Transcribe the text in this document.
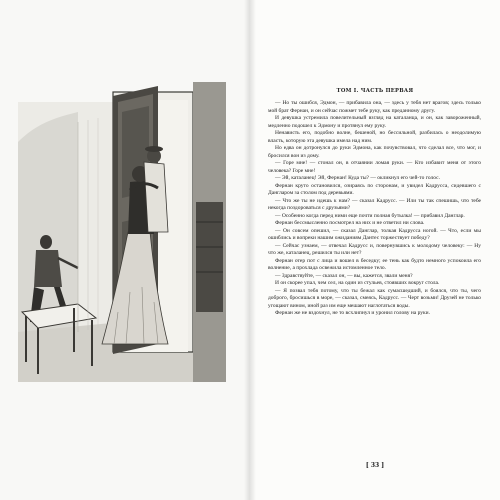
ТОМ I. ЧАСТЬ ПЕРВАЯ
[ 33 ]

— Но ты ошибся, Эдмон, — прибавила она, — здесь у тебя нет врагов; здесь только мой брат Фернан, и он сейчас пожмет тебе руку, как преданному другу.

И девушка устремила повелительный взгляд на каталанца, и он, как завороженный, медленно подошел к Эдмону и протянул ему руку.

Ненависть его, подобно волне, бешеной, но бессильной, разбилась о неодолимую власть, которую эта девушка имела над ним.

Но едва он дотронулся до руки Эдмона, как почувствовал, что сделал все, что мог, и бросился вон из дому.

— Горе мне! — стонал он, в отчаянии ломая руки. — Кто избавит меня от этого человека? Горе мне!

— Эй, каталанец! Эй, Фернан! Куда ты? — окликнул его чей-то голос.

Фернан круто остановился, озираясь по сторонам, и увидел Кадрусса, сидевшего с Дангларом за столом под деревьями.

— Что же ты не идешь к нам? — сказал Кадрусс. — Или ты так спешишь, что тебе некогда поздороваться с друзьями?

— Особенно когда перед ними еще почти полная бутылка! — прибавил Данглар.

Фернан бессмысленно посмотрел на них и не ответил ни слова.

— Он совсем опешил, — сказал Данглар, толкая Кадрусса ногой. — Что, если мы ошиблись и вопреки нашим ожиданиям Дантес торжествует победу?

— Сейчас узнаем, — отвечал Кадрусс и, повернувшись к молодому человеку: — Ну что же, каталанец, решился ты или нет?

Фернан отер пот с лица и вошел в беседку; ее тень как будто немного успокоила его волнение, а прохлада освежила истомленное тело.

— Здравствуйте, — сказал он, — вы, кажется, звали меня?

И он скорее упал, чем сел, на один из стульев, стоявших вокруг стола.

— Я позвал тебя потому, что ты бежал как сумасшедший, и боялся, что ты, чего доброго, бросишься в море, — сказал, смеясь, Кадрусс. — Черт возьми! Друзей не только угощают вином, иной раз им еще мешают наглотаться воды.

Фернан же не вздохнул, не то всхлипнул и уронил голову на руки.
